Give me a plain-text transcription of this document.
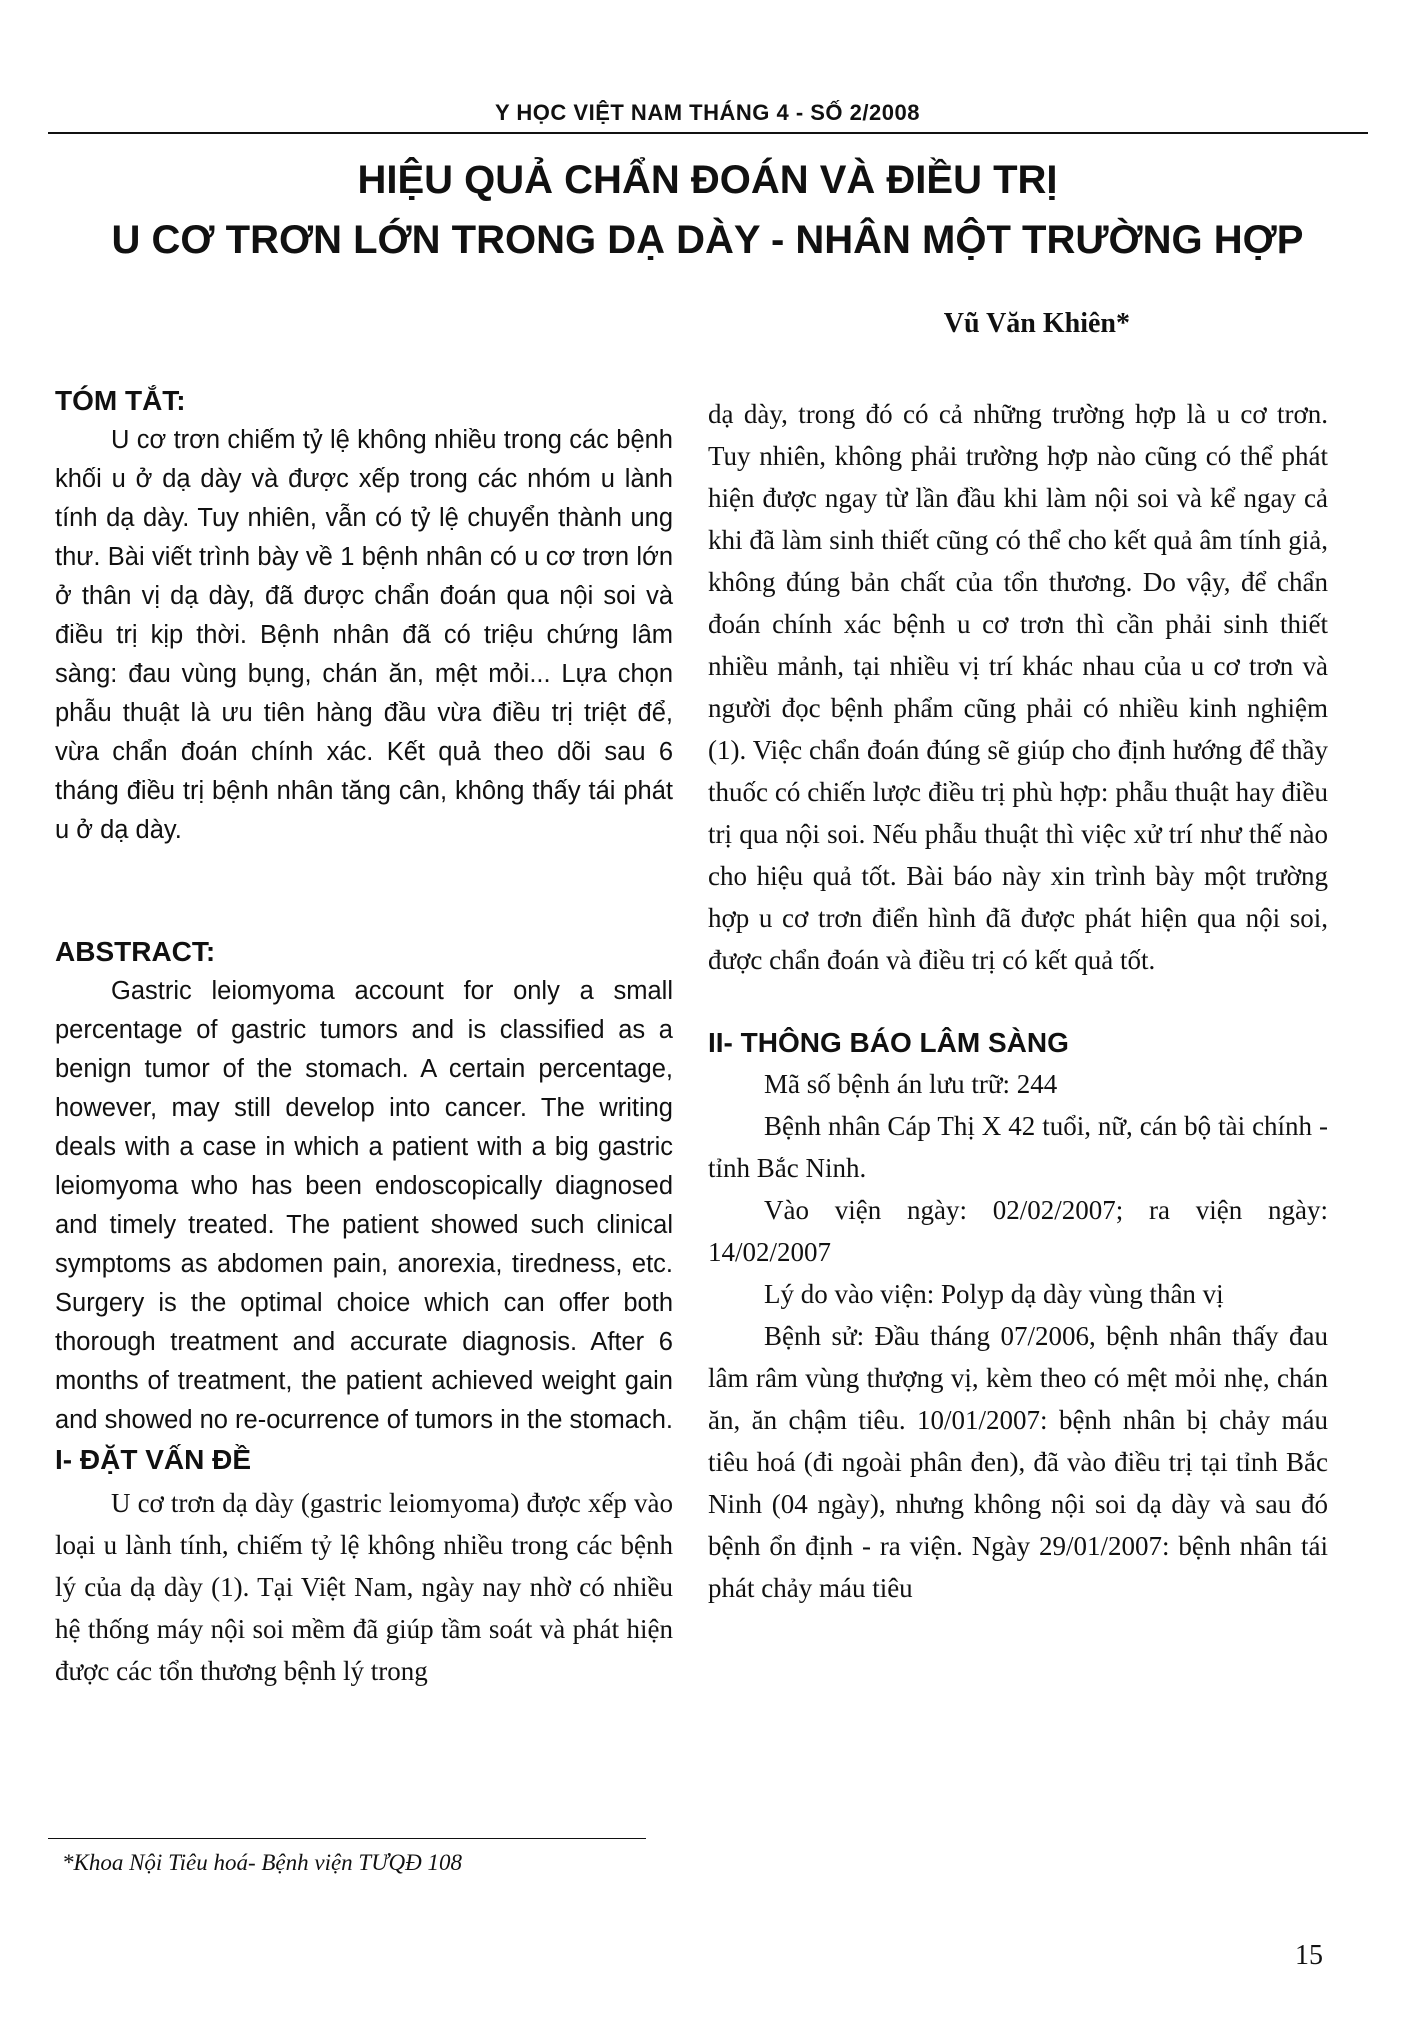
Y HỌC VIỆT NAM THÁNG 4 - SỐ 2/2008
HIỆU QUẢ CHẨN ĐOÁN VÀ ĐIỀU TRỊ
U CƠ TRƠN LỚN TRONG DẠ DÀY - NHÂN MỘT TRƯỜNG HỢP
Vũ Văn Khiên*
TÓM TẮT:

U cơ trơn chiếm tỷ lệ không nhiều trong các bệnh khối u ở dạ dày và được xếp trong các nhóm u lành tính dạ dày. Tuy nhiên, vẫn có tỷ lệ chuyển thành ung thư. Bài viết trình bày về 1 bệnh nhân có u cơ trơn lớn ở thân vị dạ dày, đã được chẩn đoán qua nội soi và điều trị kịp thời. Bệnh nhân đã có triệu chứng lâm sàng: đau vùng bụng, chán ăn, mệt mỏi... Lựa chọn phẫu thuật là ưu tiên hàng đầu vừa điều trị triệt để, vừa chẩn đoán chính xác. Kết quả theo dõi sau 6 tháng điều trị bệnh nhân tăng cân, không thấy tái phát u ở dạ dày.

ABSTRACT:

Gastric leiomyoma account for only a small percentage of gastric tumors and is classified as a benign tumor of the stomach. A certain percentage, however, may still develop into cancer. The writing deals with a case in which a patient with a big gastric leiomyoma who has been endoscopically diagnosed and timely treated. The patient showed such clinical symptoms as abdomen pain, anorexia, tiredness, etc. Surgery is the optimal choice which can offer both thorough treatment and accurate diagnosis. After 6 months of treatment, the patient achieved weight gain and showed no re-ocurrence of tumors in the stomach.

I- ĐẶT VẤN ĐỀ

U cơ trơn dạ dày (gastric leiomyoma) được xếp vào loại u lành tính, chiếm tỷ lệ không nhiều trong các bệnh lý của dạ dày (1). Tại Việt Nam, ngày nay nhờ có nhiều hệ thống máy nội soi mềm đã giúp tầm soát và phát hiện được các tổn thương bệnh lý trong

dạ dày, trong đó có cả những trường hợp là u cơ trơn. Tuy nhiên, không phải trường hợp nào cũng có thể phát hiện được ngay từ lần đầu khi làm nội soi và kể ngay cả khi đã làm sinh thiết cũng có thể cho kết quả âm tính giả, không đúng bản chất của tổn thương. Do vậy, để chẩn đoán chính xác bệnh u cơ trơn thì cần phải sinh thiết nhiều mảnh, tại nhiều vị trí khác nhau của u cơ trơn và người đọc bệnh phẩm cũng phải có nhiều kinh nghiệm (1). Việc chẩn đoán đúng sẽ giúp cho định hướng để thầy thuốc có chiến lược điều trị phù hợp: phẫu thuật hay điều trị qua nội soi. Nếu phẫu thuật thì việc xử trí như thế nào cho hiệu quả tốt. Bài báo này xin trình bày một trường hợp u cơ trơn điển hình đã được phát hiện qua nội soi, được chẩn đoán và điều trị có kết quả tốt.

II- THÔNG BÁO LÂM SÀNG

Mã số bệnh án lưu trữ: 244

Bệnh nhân Cáp Thị X 42 tuổi, nữ, cán bộ tài chính - tỉnh Bắc Ninh.

Vào viện ngày: 02/02/2007; ra viện ngày: 14/02/2007

Lý do vào viện: Polyp dạ dày vùng thân vị

Bệnh sử: Đầu tháng 07/2006, bệnh nhân thấy đau lâm râm vùng thượng vị, kèm theo có mệt mỏi nhẹ, chán ăn, ăn chậm tiêu. 10/01/2007: bệnh nhân bị chảy máu tiêu hoá (đi ngoài phân đen), đã vào điều trị tại tỉnh Bắc Ninh (04 ngày), nhưng không nội soi dạ dày và sau đó bệnh ổn định - ra viện. Ngày 29/01/2007: bệnh nhân tái phát chảy máu tiêu

*Khoa Nội Tiêu hoá- Bệnh viện TƯQĐ 108
15
